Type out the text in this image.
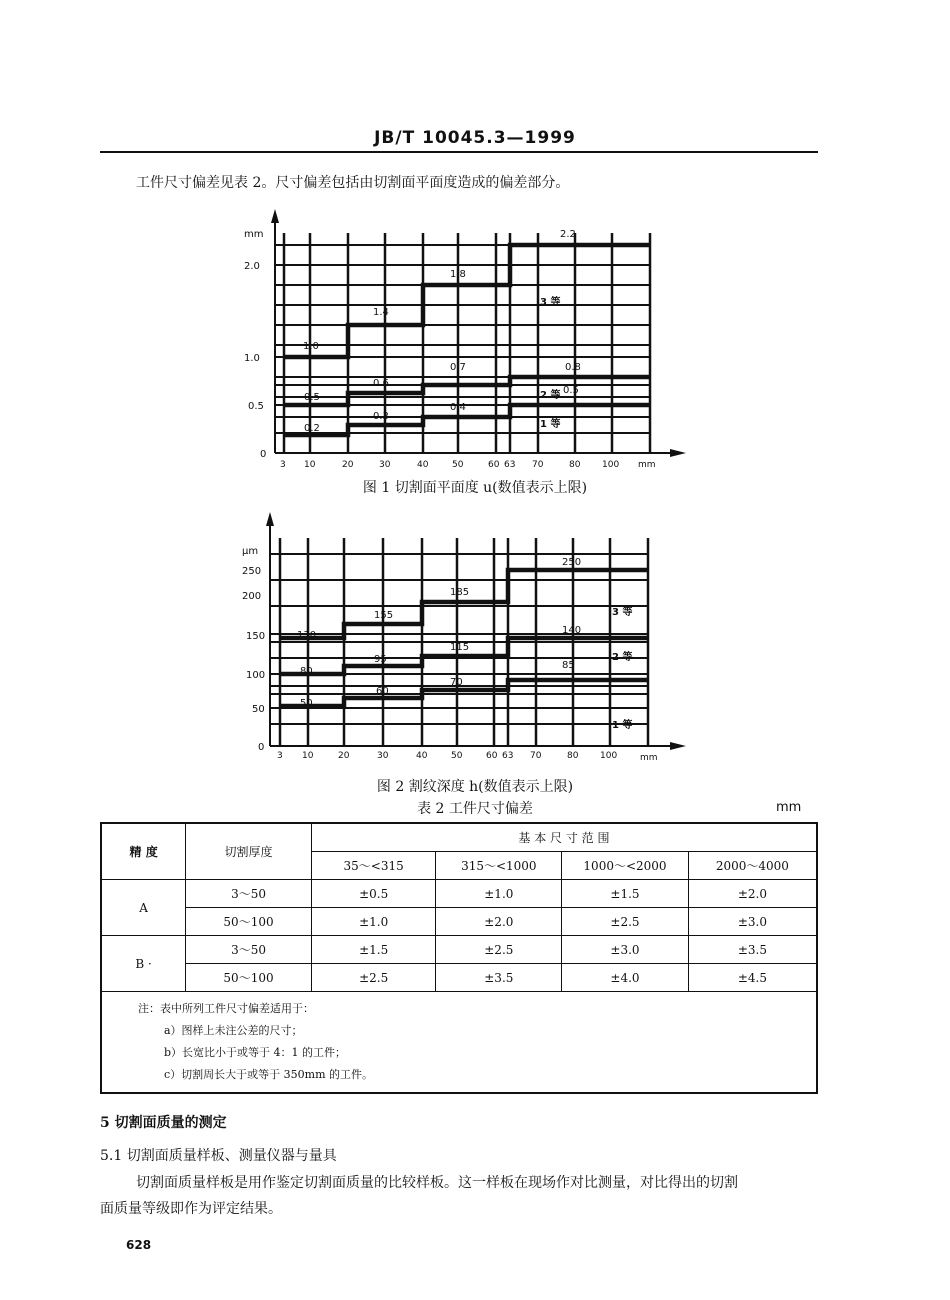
JB/T 10045.3—1999
工件尺寸偏差见表 2。尺寸偏差包括由切割面平面度造成的偏差部分。
mm
2.0
1.0
0.5
0
3 10	20	30	40	50	60 63 70	80 100 mm
2.2
1.8
1.4
1.0
0.7	0.8
0.6
0.5
0.5
0.4
0.3
0.2
3 等
2 等
1 等
图 1 切割面平面度 u(数值表示上限)
μm
250
200
150
100
50
0
3 10	20	30	40	50	60 63 70	80 100	mm
250
185
155
140
130
115
95
85
80
70
60
50
3 等
2 等
1 等
图 2 割纹深度 h(数值表示上限)
表 2 工件尺寸偏差	mm
精 度	切割厚度	基 本 尺 寸 范 围			
		35～<315	315～<1000	1000～<2000	2000～4000
A	3～50	±0.5	±1.0	±1.5	±2.0
	50～100	±1.0	±2.0	±2.5	±3.0
B ·	3～50	±1.5	±2.5	±3.0	±3.5
	50～100	±2.5	±3.5	±4.0	±4.5

注：表中所列工件尺寸偏差适用于：
a）图样上未注公差的尺寸；
b）长宽比小于或等于 4：1 的工件；
c）切割周长大于或等于 350mm 的工件。					
5 切割面质量的测定
5.1 切割面质量样板、测量仪器与量具
切割面质量样板是用作鉴定切割面质量的比较样板。这一样板在现场作对比测量，对比得出的切割
面质量等级即作为评定结果。
628
